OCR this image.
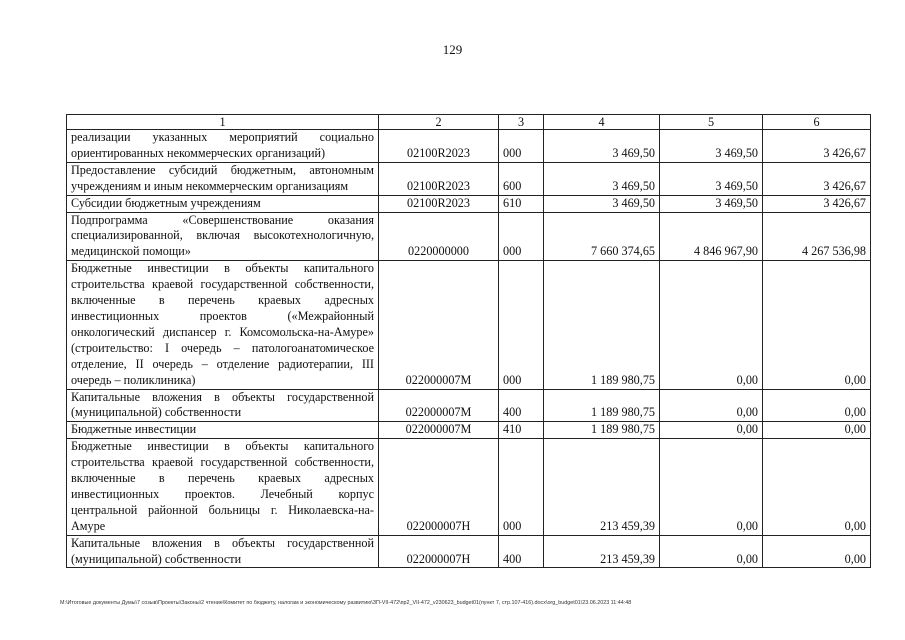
129
1	2	3	4	5	6
реализации указанных мероприятий социально ориентированных некоммерческих организаций)	02100R2023	000	3 469,50	3 469,50	3 426,67
Предоставление субсидий бюджетным, автономным учреждениям и иным некоммерческим организациям	02100R2023	600	3 469,50	3 469,50	3 426,67
Субсидии бюджетным учреждениям	02100R2023	610	3 469,50	3 469,50	3 426,67
Подпрограмма «Совершенствование оказания специализированной, включая высокотехнологичную, медицинской помощи»	0220000000	000	7 660 374,65	4 846 967,90	4 267 536,98
Бюджетные инвестиции в объекты капитального строительства краевой государственной собственности, включенные в перечень краевых адресных инвестиционных проектов («Межрайонный онкологический диспансер г. Комсомольска-на-Амуре» (строительство: I очередь – патологоанатомическое отделение, II очередь – отделение радиотерапии, III очередь – поликлиника)	022000007М	000	1 189 980,75	0,00	0,00
Капитальные вложения в объекты государственной (муниципальной) собственности	022000007М	400	1 189 980,75	0,00	0,00
Бюджетные инвестиции	022000007М	410	1 189 980,75	0,00	0,00
Бюджетные инвестиции в объекты капитального строительства краевой государственной собственности, включенные в перечень краевых адресных инвестиционных проектов. Лечебный корпус центральной районной больницы г. Николаевска-на-Амуре	022000007Н	000	213 459,39	0,00	0,00
Капитальные вложения в объекты государственной (муниципальной) собственности	022000007Н	400	213 459,39	0,00	0,00
M:\Итоговые документы Думы\7 созыв\Проекты\Законы\2 чтение\Комитет по бюджету, налогам и экономическому развитию\ЗП-VII-472\пр2_VII-472_v230623_budget01(пункт 7, стр.107-416).docx\org_budget01\23.06.2023 11:44:48
